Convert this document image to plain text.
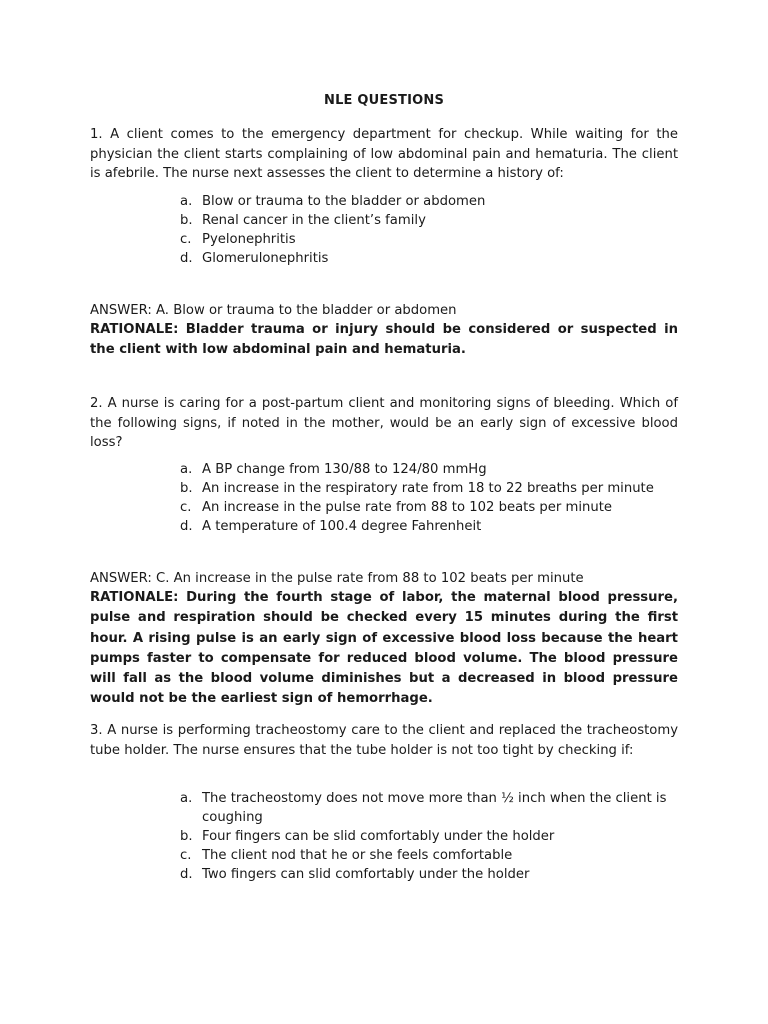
NLE QUESTIONS

1. A client comes to the emergency department for checkup. While waiting for the physician the client starts complaining of low abdominal pain and hematuria. The client is afebrile. The nurse next assesses the client to determine a history of:

a. Blow or trauma to the bladder or abdomen
b. Renal cancer in the client’s family
c. Pyelonephritis
d. Glomerulonephritis

ANSWER: A. Blow or trauma to the bladder or abdomen

RATIONALE: Bladder trauma or injury should be considered or suspected in the client with low abdominal pain and hematuria.

2. A nurse is caring for a post-partum client and monitoring signs of bleeding. Which of the following signs, if noted in the mother, would be an early sign of excessive blood loss?

a. A BP change from 130/88 to 124/80 mmHg
b. An increase in the respiratory rate from 18 to 22 breaths per minute
c. An increase in the pulse rate from 88 to 102 beats per minute
d. A temperature of 100.4 degree Fahrenheit

ANSWER: C. An increase in the pulse rate from 88 to 102 beats per minute

RATIONALE: During the fourth stage of labor, the maternal blood pressure, pulse and respiration should be checked every 15 minutes during the first hour. A rising pulse is an early sign of excessive blood loss because the heart pumps faster to compensate for reduced blood volume. The blood pressure will fall as the blood volume diminishes but a decreased in blood pressure would not be the earliest sign of hemorrhage.

3. A nurse is performing tracheostomy care to the client and replaced the tracheostomy tube holder. The nurse ensures that the tube holder is not too tight by checking if:

a. The tracheostomy does not move more than ½ inch when the client is coughing
b. Four fingers can be slid comfortably under the holder
c. The client nod that he or she feels comfortable
d. Two fingers can slid comfortably under the holder
